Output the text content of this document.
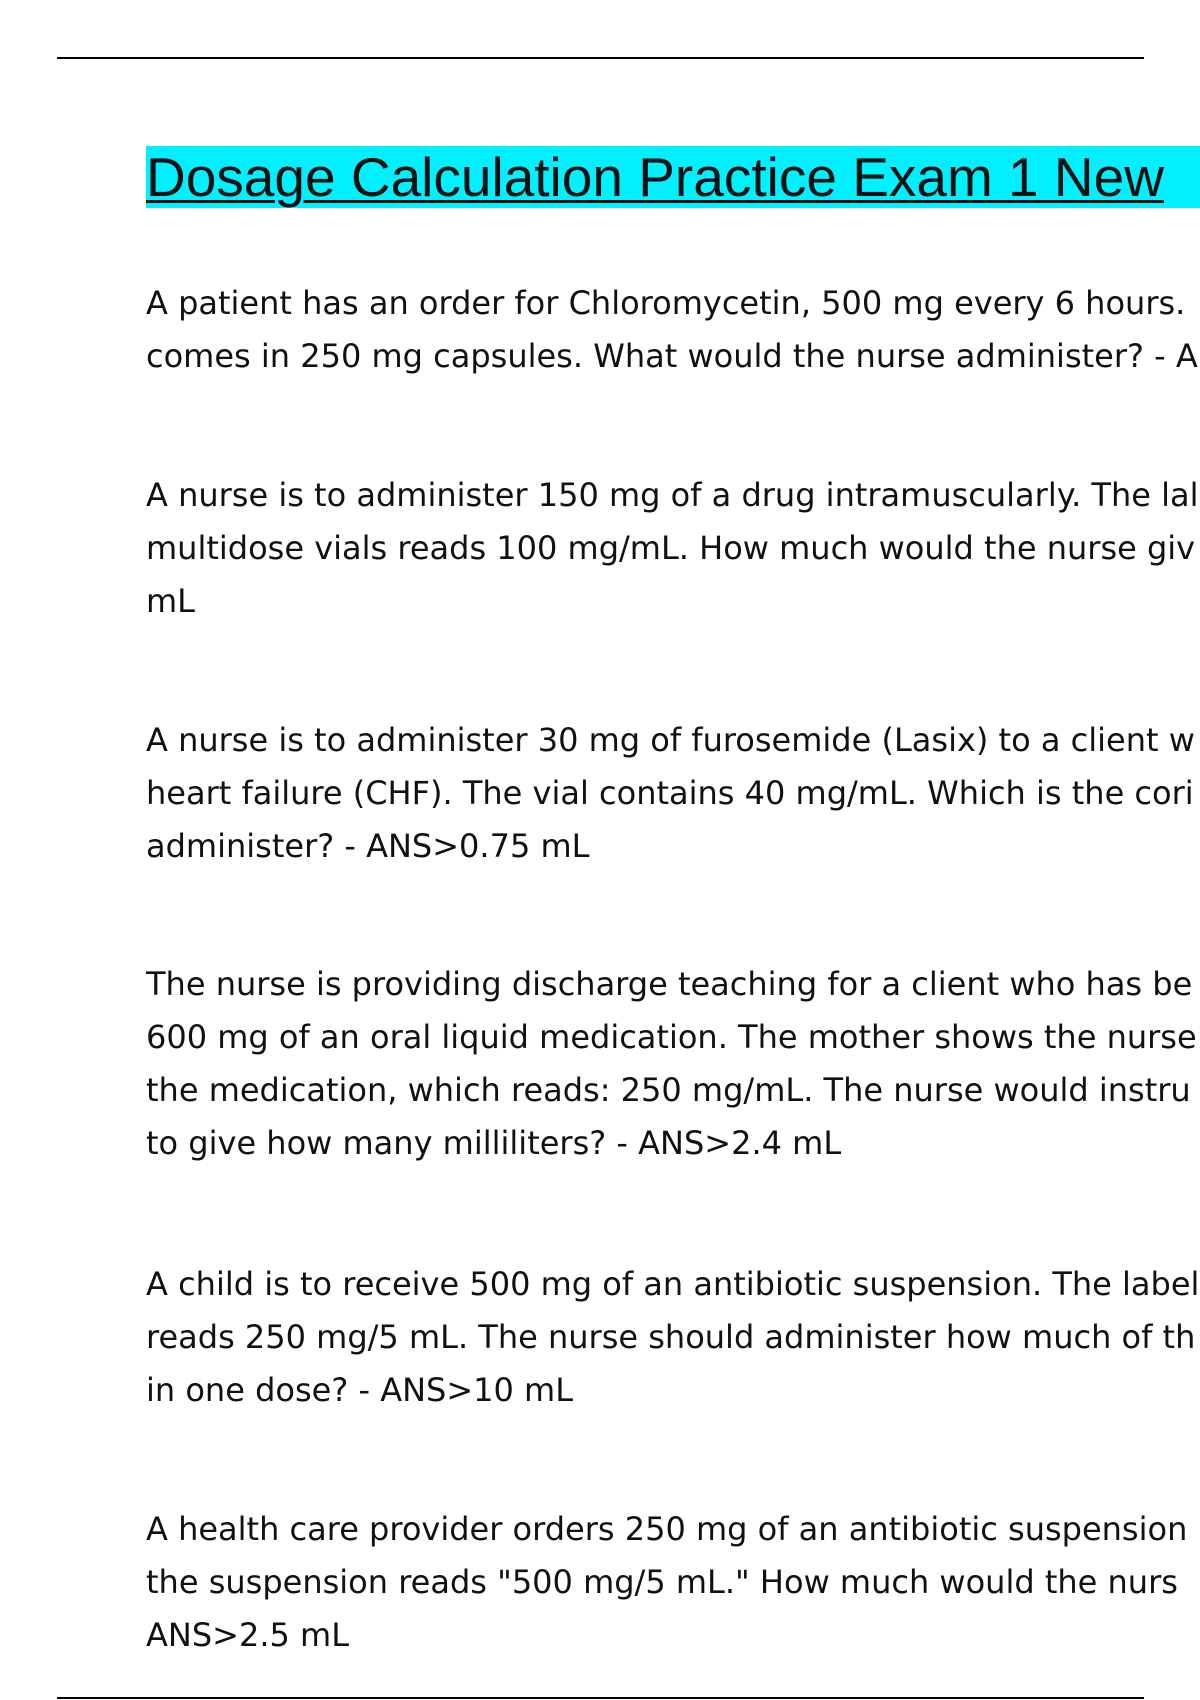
Dosage Calculation Practice Exam 1 New
A patient has an order for Chloromycetin, 500 mg every 6 hours.
comes in 250 mg capsules. What would the nurse administer? - A
A nurse is to administer 150 mg of a drug intramuscularly. The lal
multidose vials reads 100 mg/mL. How much would the nurse giv
mL
A nurse is to administer 30 mg of furosemide (Lasix) to a client w
heart failure (CHF). The vial contains 40 mg/mL. Which is the cori
administer? - ANS>0.75 mL
The nurse is providing discharge teaching for a client who has be
600 mg of an oral liquid medication. The mother shows the nurse
the medication, which reads: 250 mg/mL. The nurse would instru
to give how many milliliters? - ANS>2.4 mL
A child is to receive 500 mg of an antibiotic suspension. The label
reads 250 mg/5 mL. The nurse should administer how much of th
in one dose? - ANS>10 mL
A health care provider orders 250 mg of an antibiotic suspension
the suspension reads "500 mg/5 mL." How much would the nurs
ANS>2.5 mL
